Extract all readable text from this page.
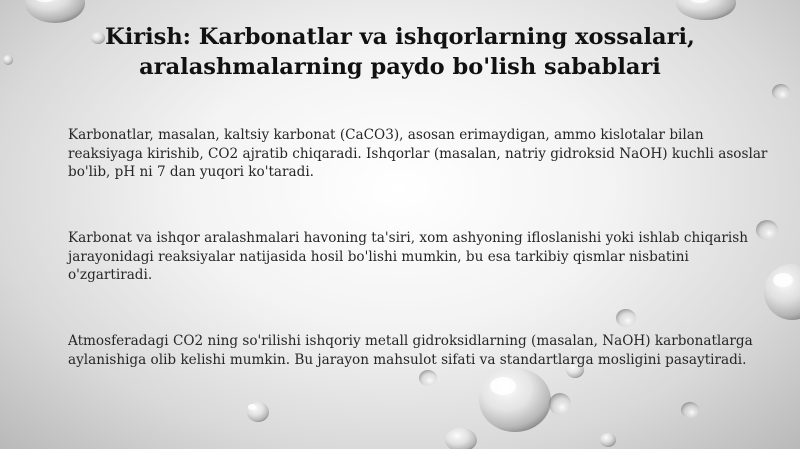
Kirish: Karbonatlar va ishqorlarning xossalari, aralashmalarning paydo bo'lish sabablari

Karbonatlar, masalan, kaltsiy karbonat (CaCO3), asosan erimaydigan, ammo kislotalar bilan reaksiyaga kirishib, CO2 ajratib chiqaradi. Ishqorlar (masalan, natriy gidroksid NaOH) kuchli asoslar bo'lib, pH ni 7 dan yuqori ko'taradi.

Karbonat va ishqor aralashmalari havoning ta'siri, xom ashyoning ifloslanishi yoki ishlab chiqarish jarayonidagi reaksiyalar natijasida hosil bo'lishi mumkin, bu esa tarkibiy qismlar nisbatini o'zgartiradi.

Atmosferadagi CO2 ning so'rilishi ishqoriy metall gidroksidlarning (masalan, NaOH) karbonatlarga aylanishiga olib kelishi mumkin. Bu jarayon mahsulot sifati va standartlarga mosligini pasaytiradi.
